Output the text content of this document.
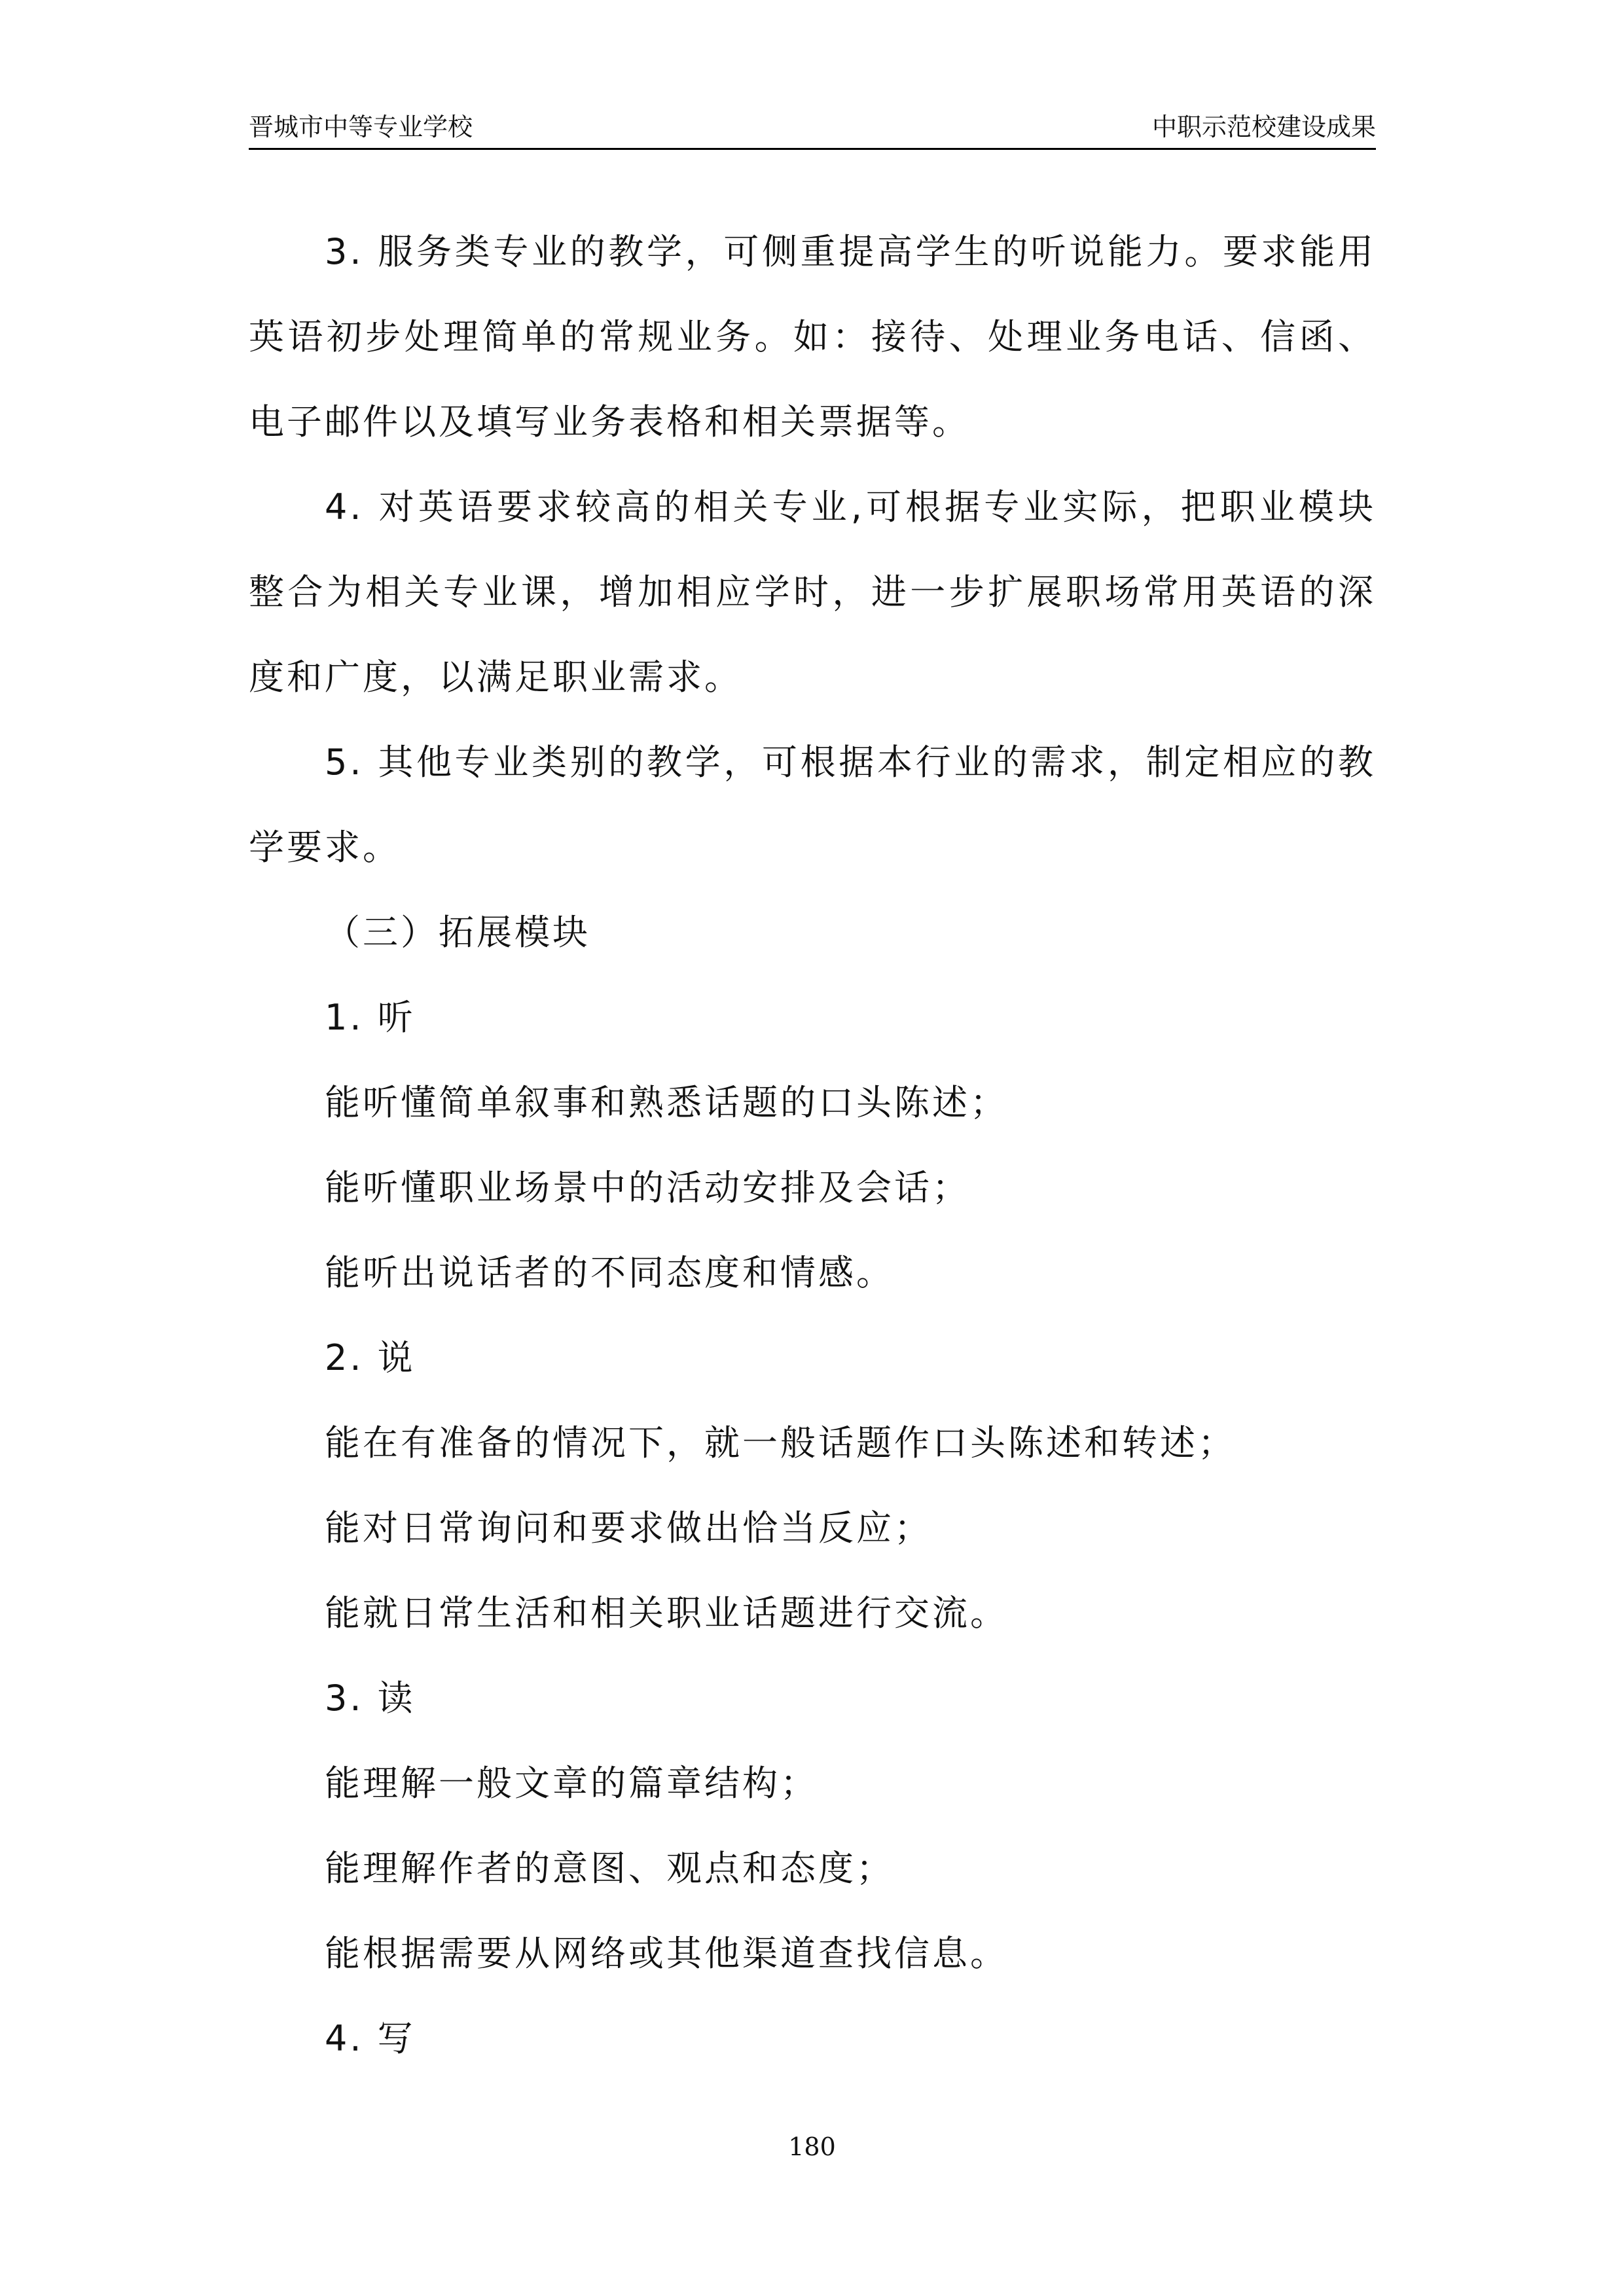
晋城市中等专业学校	中职示范校建设成果

3. 服务类专业的教学，可侧重提高学生的听说能力。要求能用英语初步处理简单的常规业务。如：接待、处理业务电话、信函、电子邮件以及填写业务表格和相关票据等。

4. 对英语要求较高的相关专业,可根据专业实际，把职业模块整合为相关专业课，增加相应学时，进一步扩展职场常用英语的深度和广度，以满足职业需求。

5. 其他专业类别的教学，可根据本行业的需求，制定相应的教学要求。

（三）拓展模块

1. 听

能听懂简单叙事和熟悉话题的口头陈述；

能听懂职业场景中的活动安排及会话；

能听出说话者的不同态度和情感。

2. 说

能在有准备的情况下，就一般话题作口头陈述和转述；

能对日常询问和要求做出恰当反应；

能就日常生活和相关职业话题进行交流。

3. 读

能理解一般文章的篇章结构；

能理解作者的意图、观点和态度；

能根据需要从网络或其他渠道查找信息。

4. 写

180
